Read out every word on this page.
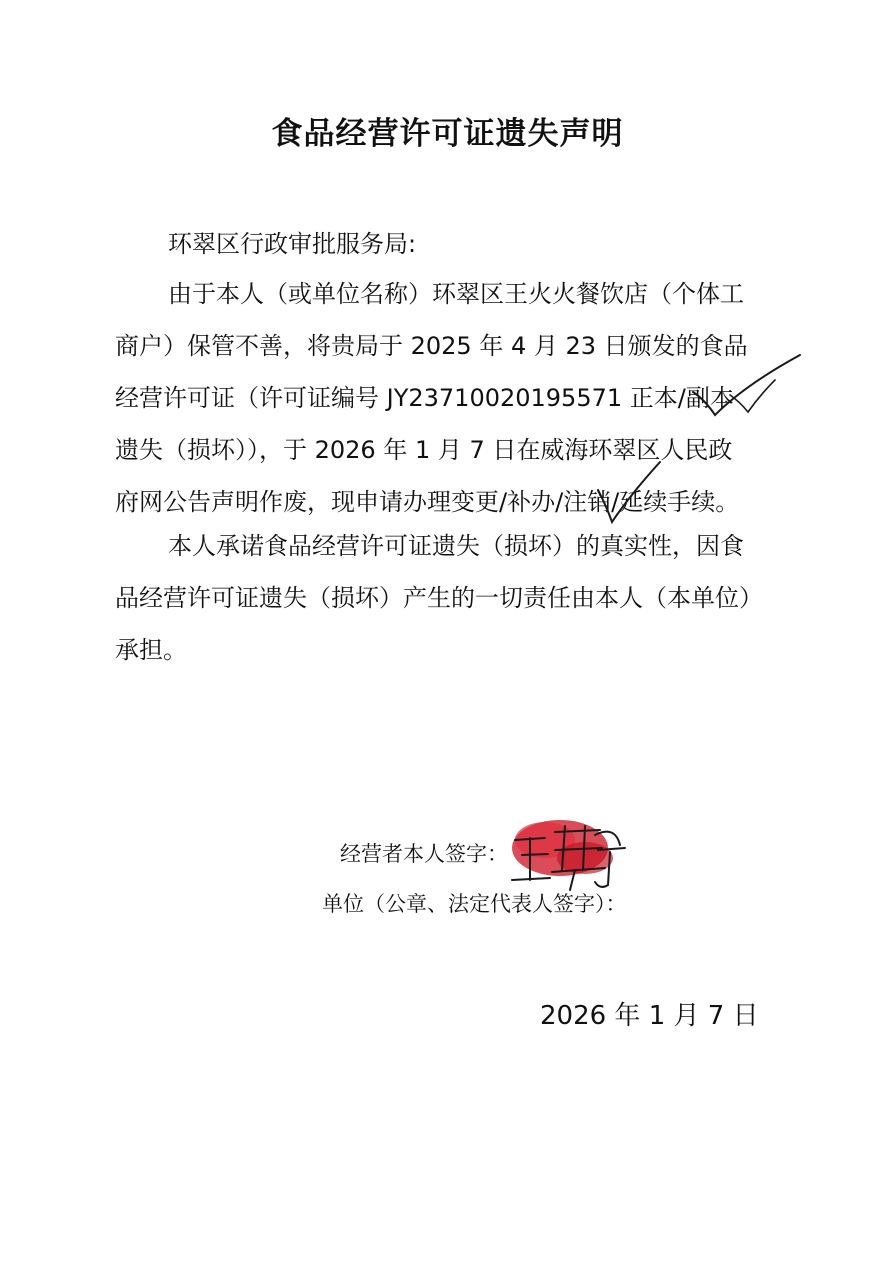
食品经营许可证遗失声明
环翠区行政审批服务局:
由于本人（或单位名称）环翠区王火火餐饮店（个体工
商户）保管不善，将贵局于 2025 年 4 月 23 日颁发的食品
经营许可证（许可证编号 JY23710020195571 正本/副本
遗失（损坏）），于 2026 年 1 月 7 日在威海环翠区人民政
府网公告声明作废，现申请办理变更/补办/注销/延续手续。
本人承诺食品经营许可证遗失（损坏）的真实性，因食
品经营许可证遗失（损坏）产生的一切责任由本人（本单位）
承担。
经营者本人签字：
单位（公章、法定代表人签字）：
2026 年 1 月 7 日
